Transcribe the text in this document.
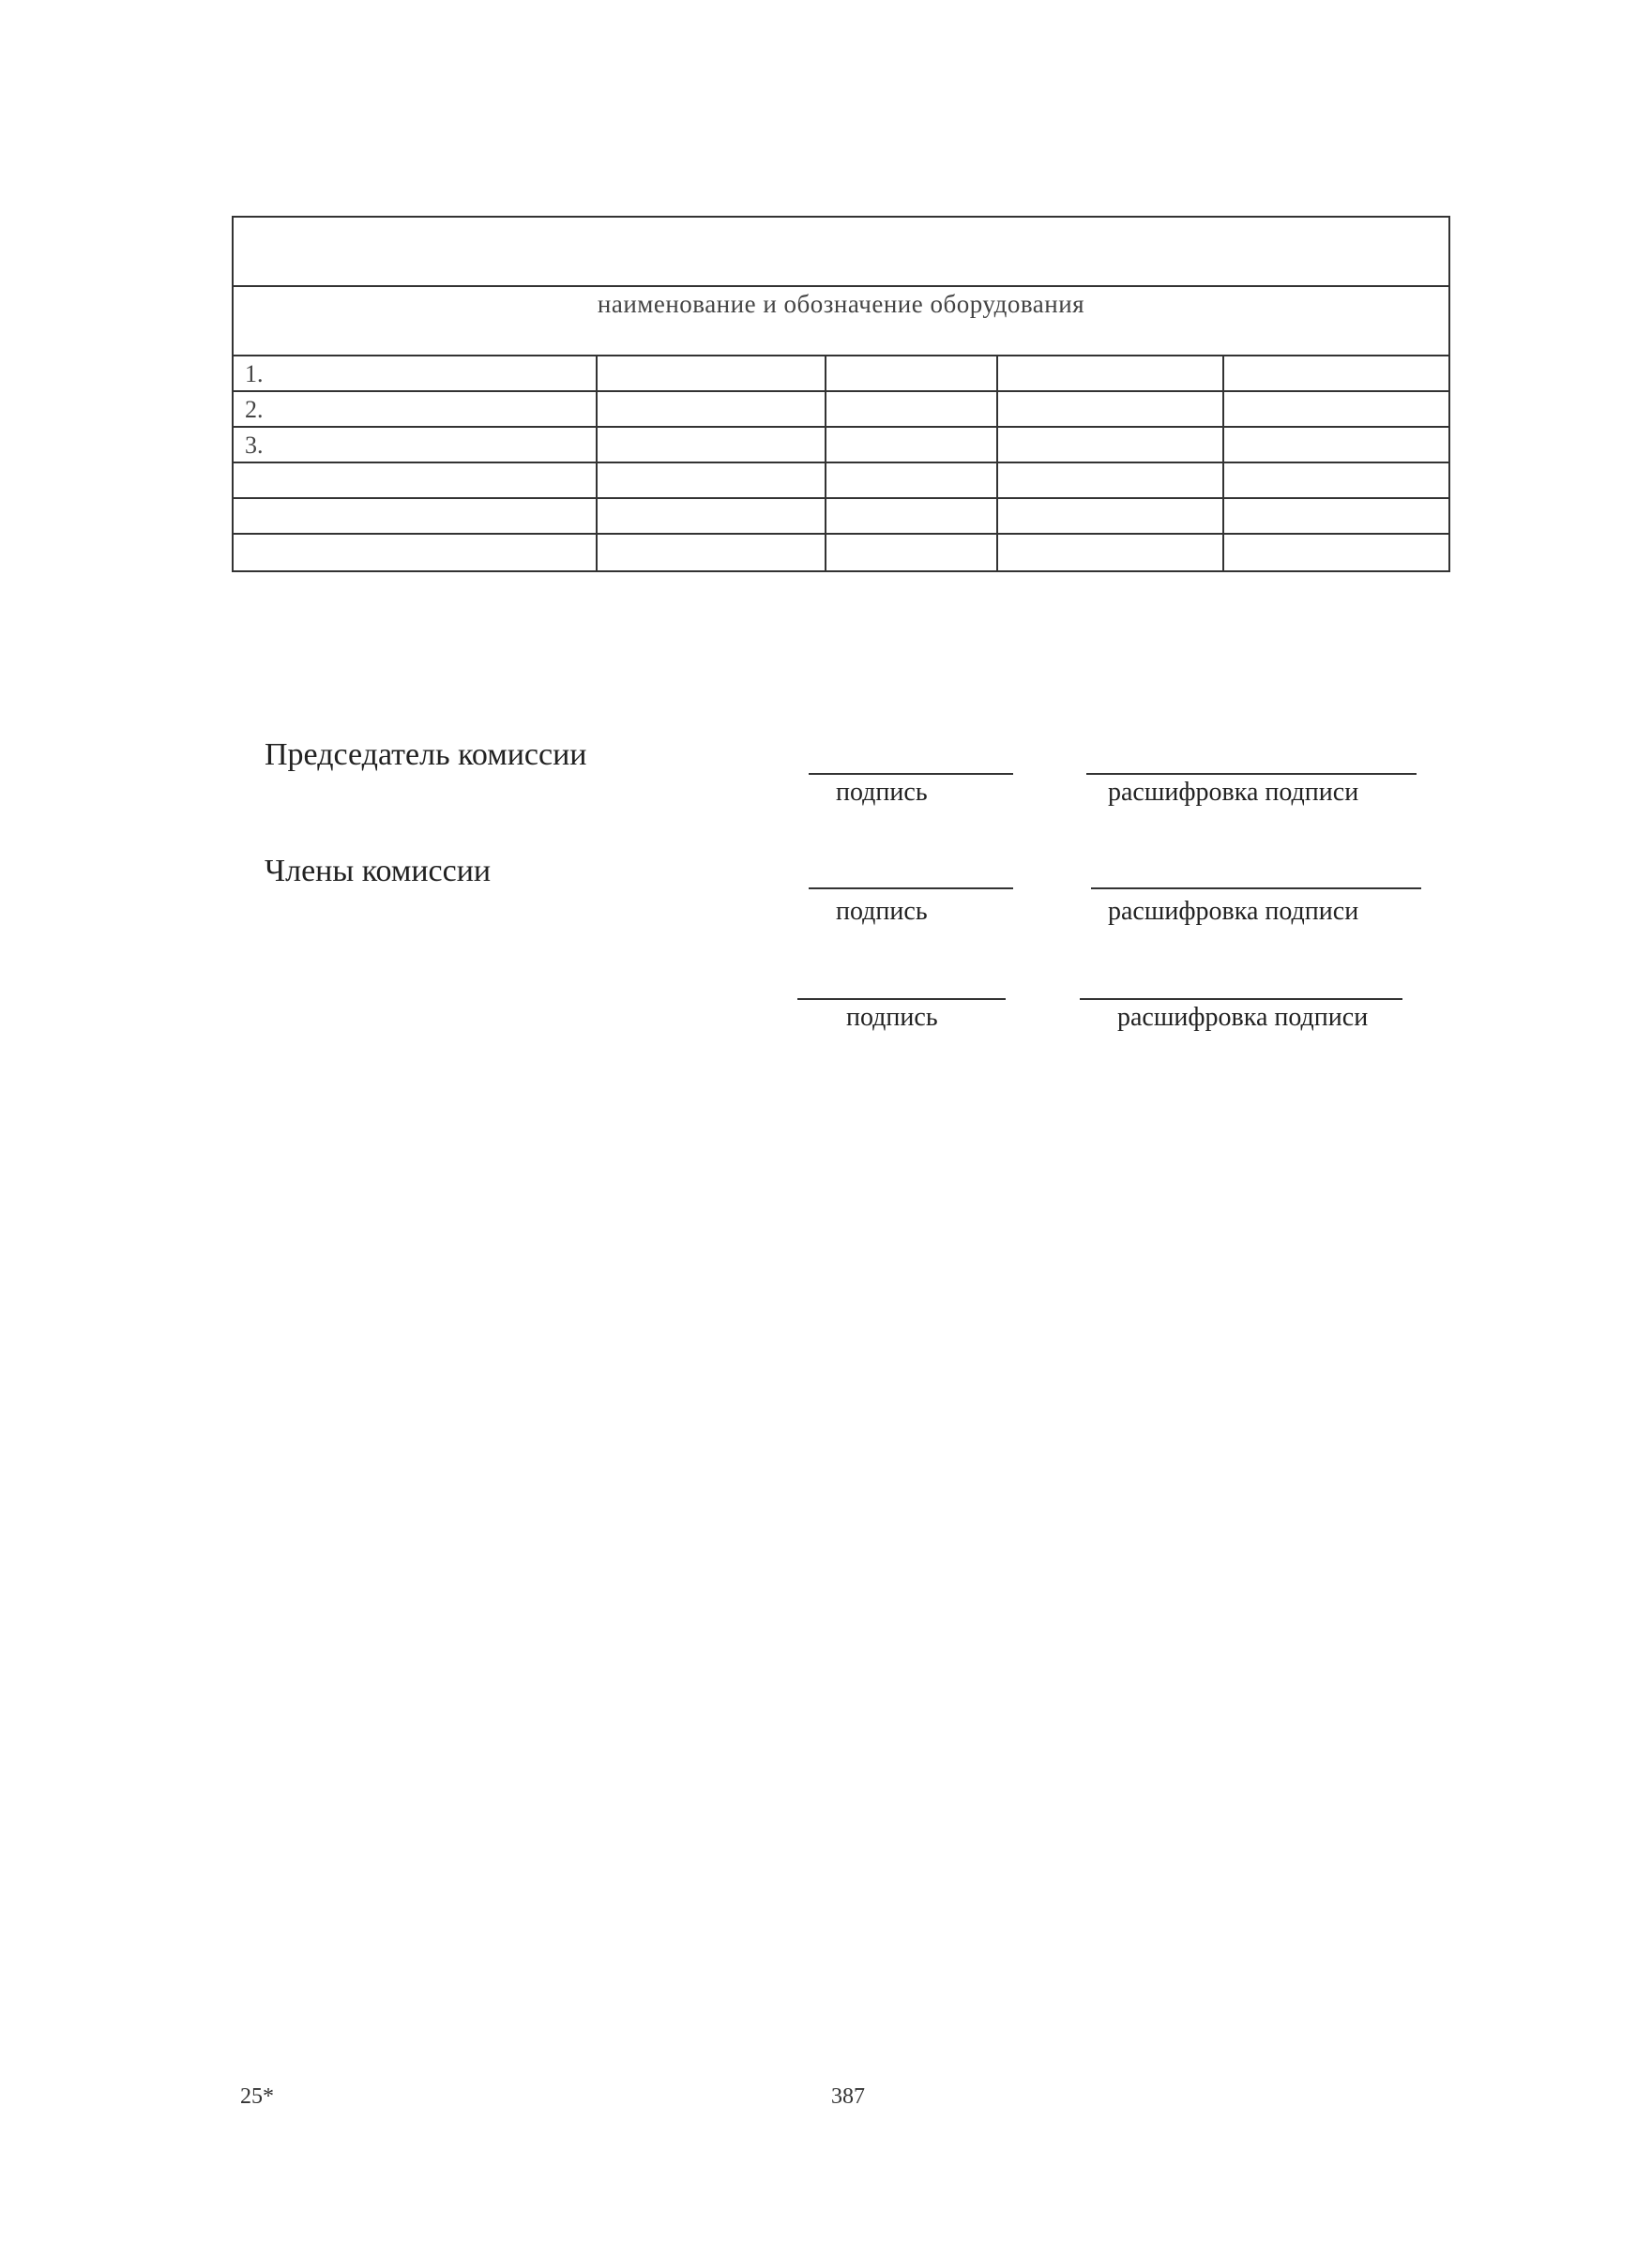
наименование и обозначение оборудования
1.
2.
3.
Председатель комиссии
подпись	расшифровка подписи
Члены комиссии
подпись	расшифровка подписи
подпись	расшифровка подписи
25*	387
